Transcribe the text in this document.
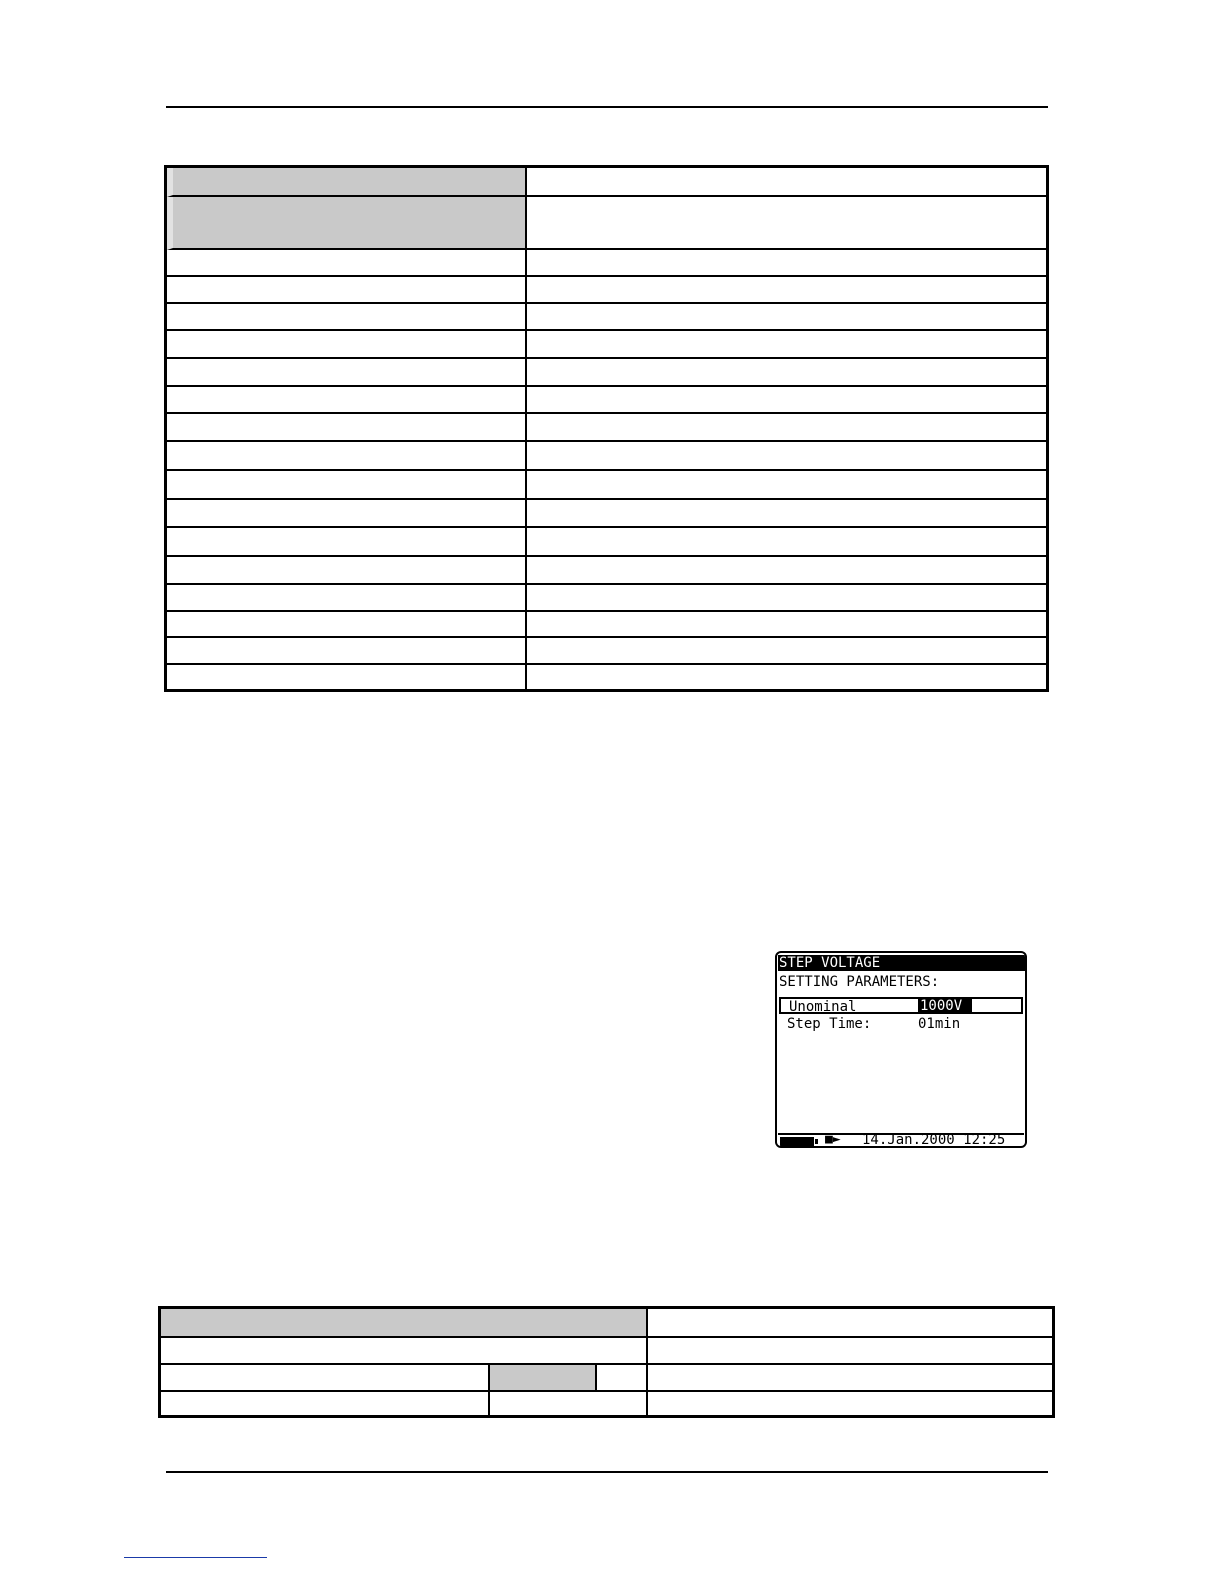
STEP VOLTAGE
SETTING PARAMETERS:
Unominal	1000V
Step Time:	01min
■► 14.Jan.2000 12:25
